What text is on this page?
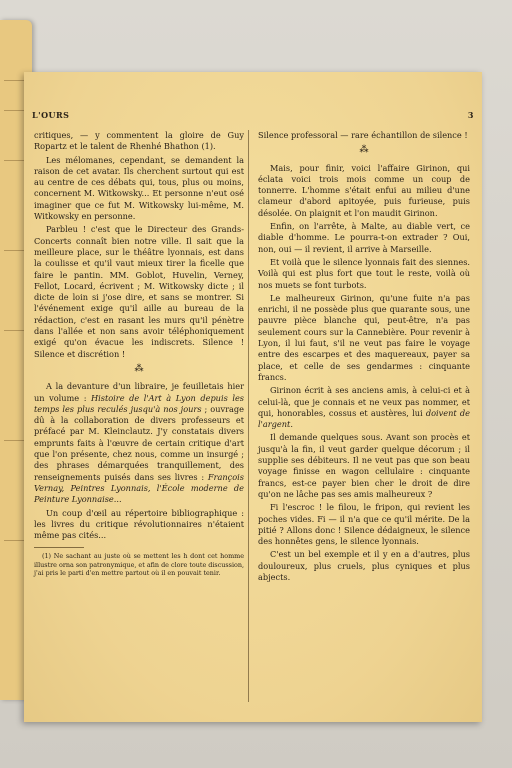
L'OURS	3

critiques, — y commentent la gloire de Guy Ropartz et le talent de Rhenhé Bhathon (1).

Les mélomanes, cependant, se demandent la raison de cet avatar. Ils cherchent surtout qui est au centre de ces débats qui, tous, plus ou moins, concernent M. Witkowsky... Et personne n'eut osé imaginer que ce fut M. Witkowsky lui-même, M. Witkowsky en personne.

Parbleu ! c'est que le Directeur des Grands-Concerts connaît bien notre ville. Il sait que la meilleure place, sur le théâtre lyonnais, est dans la coulisse et qu'il vaut mieux tirer la ficelle que faire le pantin. MM. Goblot, Huvelin, Verney, Fellot, Locard, écrivent ; M. Witkowsky dicte ; il dicte de loin si j'ose dire, et sans se montrer. Si l'événement exige qu'il aille au bureau de la rédaction, c'est en rasant les murs qu'il pénètre dans l'allée et non sans avoir téléphoniquement exigé qu'on évacue les indiscrets. Silence ! Silence et discrétion !

⁂

A la devanture d'un libraire, je feuilletais hier un volume : Histoire de l'Art à Lyon depuis les temps les plus reculés jusqu'à nos jours ; ouvrage dû à la collaboration de divers professeurs et préfacé par M. Kleinclautz. J'y constatais divers emprunts faits à l'œuvre de certain critique d'art que l'on présente, chez nous, comme un insurgé ; des phrases démarquées tranquillement, des renseignements puisés dans ses livres : François Vernay, Peintres Lyonnais, l'École moderne de Peinture Lyonnaise...

Un coup d'œil au répertoire bibliographique : les livres du critique révolutionnaires n'étaient même pas cités...

(1) Ne sachant au juste où se mettent les h dont cet homme illustre orna son patronymique, et afin de clore toute discussion, j'ai pris le parti d'en mettre partout où il en pouvait tenir.

Silence professoral — rare échantillon de silence !

⁂

Mais, pour finir, voici l'affaire Girinon, qui éclata voici trois mois comme un coup de tonnerre. L'homme s'était enfui au milieu d'une clameur d'abord apitoyée, puis furieuse, puis désolée. On plaignit et l'on maudit Girinon.

Enfin, on l'arrête, à Malte, au diable vert, ce diable d'homme. Le pourra-t-on extrader ? Oui, non, oui — il revient, il arrive à Marseille.

Et voilà que le silence lyonnais fait des siennes. Voilà qui est plus fort que tout le reste, voilà où nos muets se font turbots.

Le malheureux Girinon, qu'une fuite n'a pas enrichi, il ne possède plus que quarante sous, une pauvre pièce blanche qui, peut-être, n'a pas seulement cours sur la Cannebière. Pour revenir à Lyon, il lui faut, s'il ne veut pas faire le voyage entre des escarpes et des maquereaux, payer sa place, et celle de ses gendarmes : cinquante francs.

Girinon écrit à ses anciens amis, à celui-ci et à celui-là, que je connais et ne veux pas nommer, et qui, honorables, cossus et austères, lui doivent de l'argent.

Il demande quelques sous. Avant son procès et jusqu'à la fin, il veut garder quelque décorum ; il supplie ses débiteurs. Il ne veut pas que son beau voyage finisse en wagon cellulaire : cinquante francs, est-ce payer bien cher le droit de dire qu'on ne lâche pas ses amis malheureux ?

Fi l'escroc ! le filou, le fripon, qui revient les poches vides. Fi — il n'a que ce qu'il mérite. De la pitié ? Allons donc ! Silence dédaigneux, le silence des honnêtes gens, le silence lyonnais.

C'est un bel exemple et il y en a d'autres, plus douloureux, plus cruels, plus cyniques et plus abjects.
